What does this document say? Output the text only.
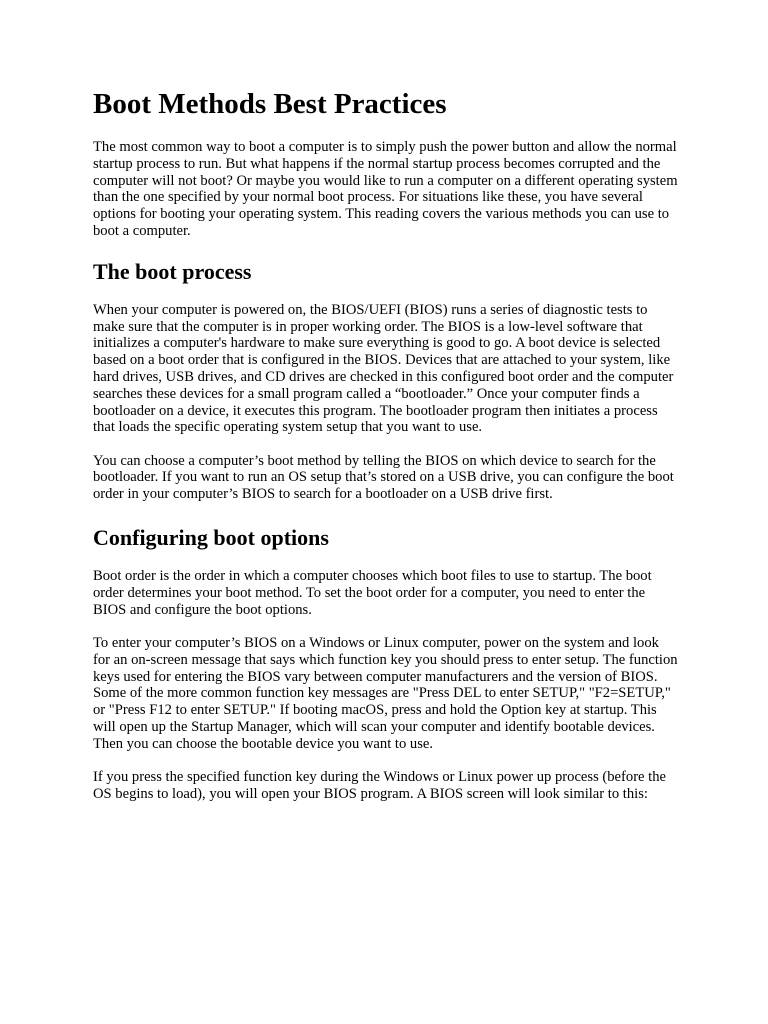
Boot Methods Best Practices

The most common way to boot a computer is to simply push the power button and allow the normal startup process to run. But what happens if the normal startup process becomes corrupted and the computer will not boot? Or maybe you would like to run a computer on a different operating system than the one specified by your normal boot process. For situations like these, you have several options for booting your operating system. This reading covers the various methods you can use to boot a computer.

The boot process

When your computer is powered on, the BIOS/UEFI (BIOS) runs a series of diagnostic tests to make sure that the computer is in proper working order. The BIOS is a low-level software that initializes a computer's hardware to make sure everything is good to go. A boot device is selected based on a boot order that is configured in the BIOS. Devices that are attached to your system, like hard drives, USB drives, and CD drives are checked in this configured boot order and the computer searches these devices for a small program called a “bootloader.” Once your computer finds a bootloader on a device, it executes this program. The bootloader program then initiates a process that loads the specific operating system setup that you want to use.

You can choose a computer’s boot method by telling the BIOS on which device to search for the bootloader. If you want to run an OS setup that’s stored on a USB drive, you can configure the boot order in your computer’s BIOS to search for a bootloader on a USB drive first.

Configuring boot options

Boot order is the order in which a computer chooses which boot files to use to startup. The boot order determines your boot method. To set the boot order for a computer, you need to enter the BIOS and configure the boot options.

To enter your computer’s BIOS on a Windows or Linux computer, power on the system and look for an on-screen message that says which function key you should press to enter setup. The function keys used for entering the BIOS vary between computer manufacturers and the version of BIOS. Some of the more common function key messages are "Press DEL to enter SETUP," "F2=SETUP," or "Press F12 to enter SETUP." If booting macOS, press and hold the Option key at startup. This will open up the Startup Manager, which will scan your computer and identify bootable devices. Then you can choose the bootable device you want to use.

If you press the specified function key during the Windows or Linux power up process (before the OS begins to load), you will open your BIOS program. A BIOS screen will look similar to this:
